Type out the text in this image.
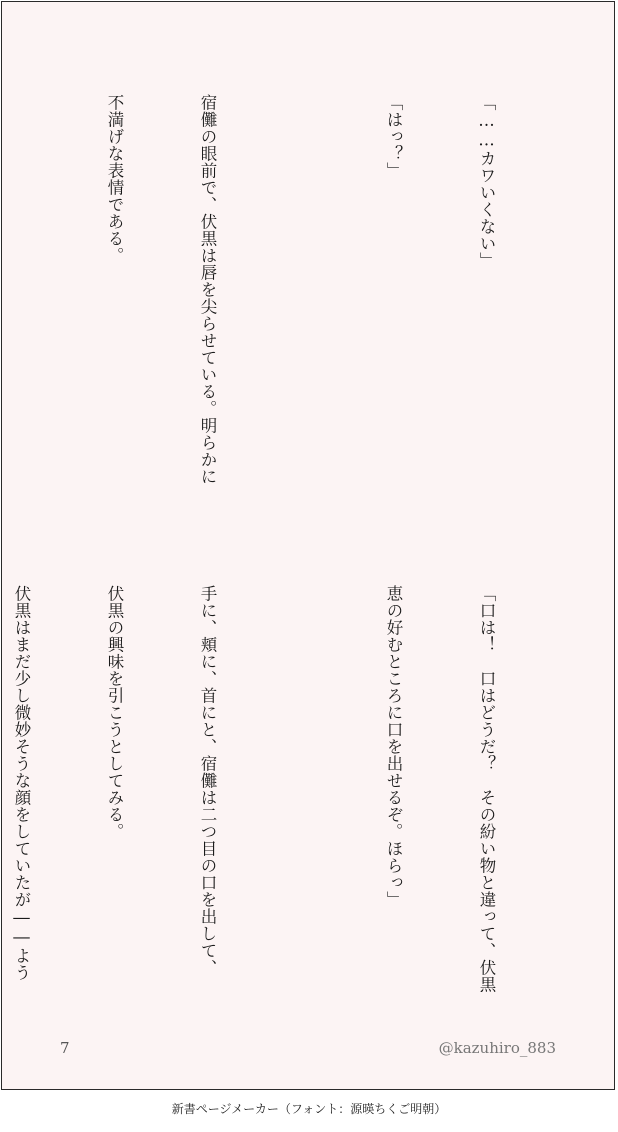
「……カワいくない」

「はっ？」

宿儺の眼前で、伏黒は唇を尖らせている。明らかに

不満げな表情である。

「口は！　口はどうだ？　その紛い物と違って、伏黒

恵の好むところに口を出せるぞ。ほらっ」

手に、頬に、首にと、宿儺は二つ目の口を出して、

伏黒の興味を引こうとしてみる。

伏黒はまだ少し微妙そうな顔をしていたが――よう

7	@kazuhiro_883
新書ページメーカー（フォント：源暎ちくご明朝）
